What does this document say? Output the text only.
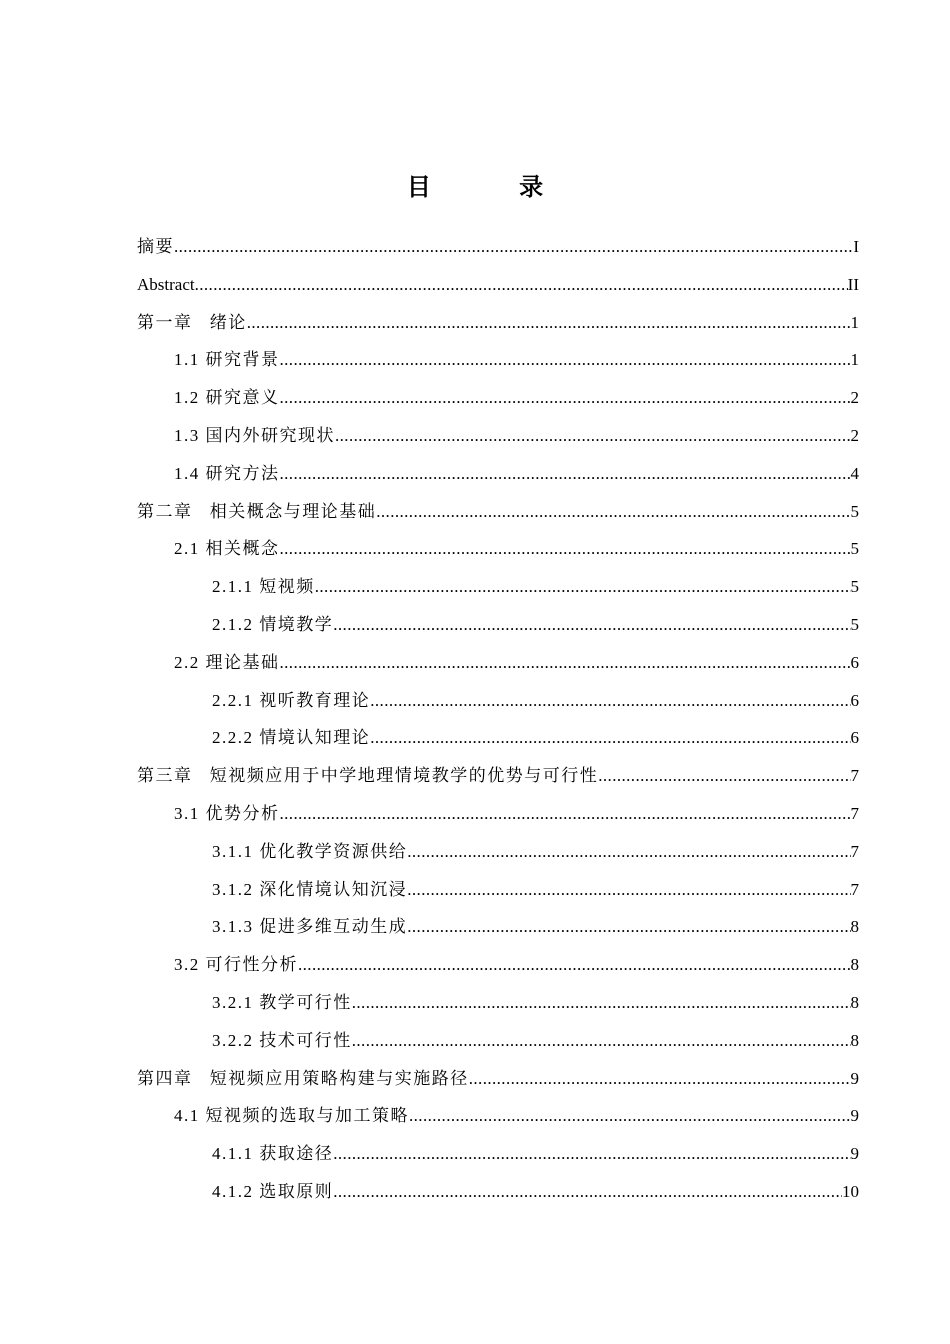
目 录
摘要 .....	I
Abstract .....	II
第一章   绪论 .....	1
1.1 研究背景 .....	1
1.2 研究意义 .....	2
1.3 国内外研究现状 .....	2
1.4 研究方法 .....	4
第二章   相关概念与理论基础 .....	5
2.1 相关概念 .....	5
2.1.1 短视频 .....	5
2.1.2 情境教学 .....	5
2.2 理论基础 .....	6
2.2.1 视听教育理论 .....	6
2.2.2 情境认知理论 .....	6
第三章   短视频应用于中学地理情境教学的优势与可行性 .....	7
3.1 优势分析 .....	7
3.1.1 优化教学资源供给 .....	7
3.1.2 深化情境认知沉浸 .....	7
3.1.3 促进多维互动生成 .....	8
3.2 可行性分析 .....	8
3.2.1 教学可行性 .....	8
3.2.2 技术可行性 .....	8
第四章   短视频应用策略构建与实施路径 .....	9
4.1 短视频的选取与加工策略 .....	9
4.1.1 获取途径 .....	9
4.1.2 选取原则 .....	10
